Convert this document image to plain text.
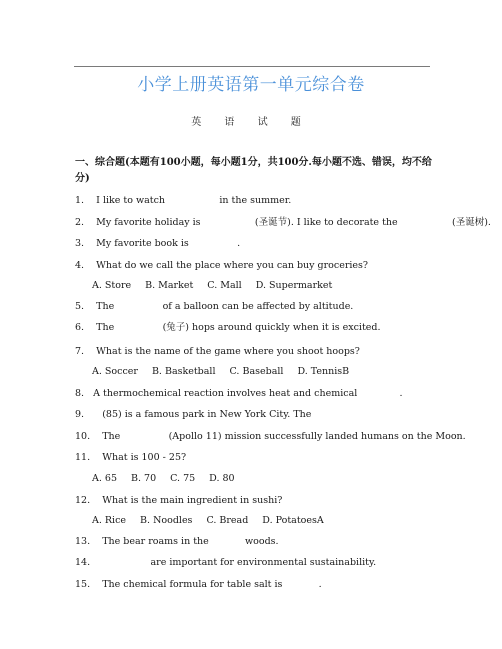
小学上册英语第一单元综合卷
英 语 试 题
一、综合题(本题有100小题，每小题1分，共100分.每小题不选、错误，均不给分)
1. I like to watch                  in the summer.
2. My favorite holiday is                  (圣诞节). I like to decorate the                  (圣诞树).
3. My favorite book is                .
4. What do we call the place where you can buy groceries?
A. Store B. Market C. Mall D. Supermarket
5. The                of a balloon can be affected by altitude.
6. The                (兔子) hops around quickly when it is excited.
7. What is the name of the game where you shoot hoops?
A. Soccer B. Basketball C. Baseball D. TennisB
8. A thermochemical reaction involves heat and chemical              .
9.      (85) is a famous park in New York City. The
10.    The                (Apollo 11) mission successfully landed humans on the Moon.
11.    What is 100 - 25?
A. 65 B. 70 C. 75 D. 80
12.    What is the main ingredient in sushi?
A. Rice B. Noodles C. Bread D. PotatoesA
13.    The bear roams in the            woods.
14.                    are important for environmental sustainability.
15.    The chemical formula for table salt is            .
